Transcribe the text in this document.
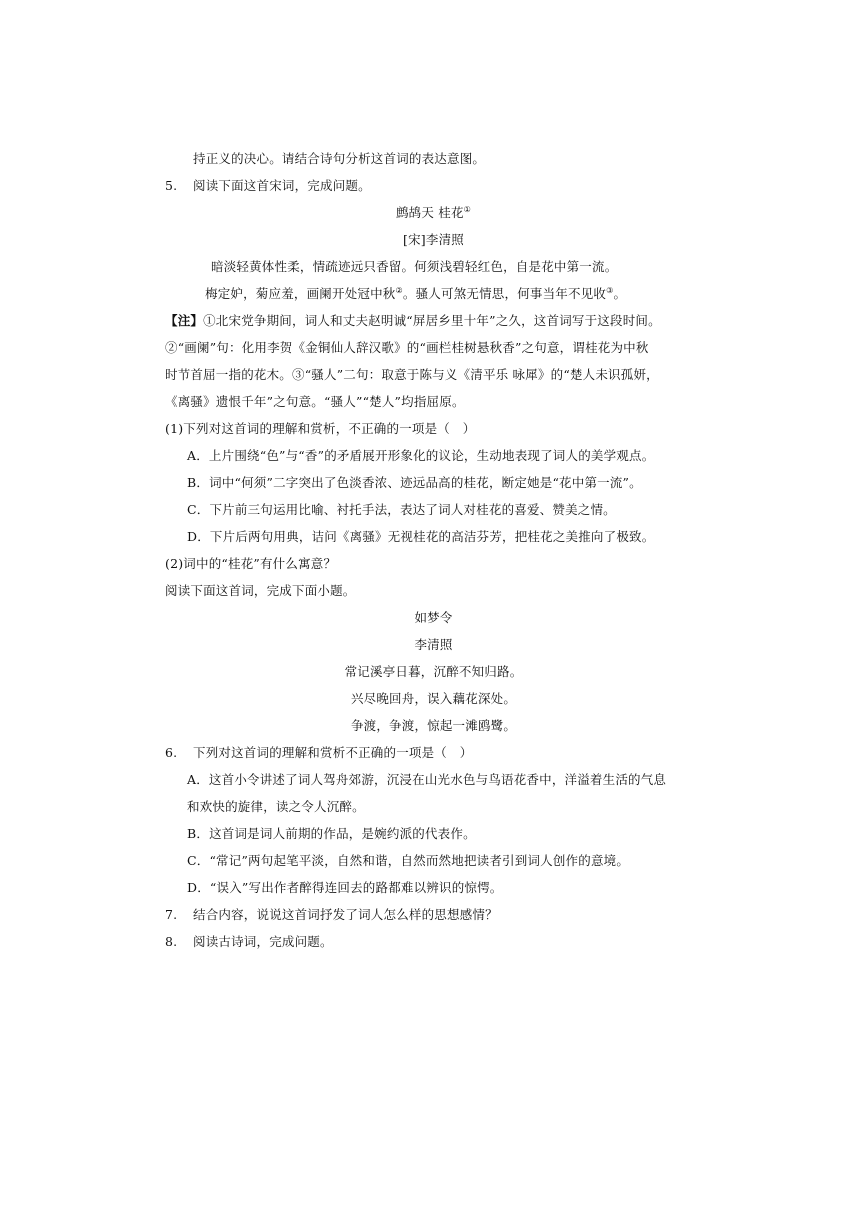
持正义的决心。请结合诗句分析这首词的表达意图。
5. 阅读下面这首宋词，完成问题。
鹧鸪天 桂花①
[宋]李清照
暗淡轻黄体性柔，情疏迹远只香留。何须浅碧轻红色，自是花中第一流。
梅定妒，菊应羞，画阑开处冠中秋②。骚人可煞无情思，何事当年不见收③。
【注】①北宋党争期间，词人和丈夫赵明诚“屏居乡里十年”之久，这首词写于这段时间。
②“画阑”句：化用李贺《金铜仙人辞汉歌》的“画栏桂树悬秋香”之句意，谓桂花为中秋
时节首屈一指的花木。③“骚人”二句：取意于陈与义《清平乐 咏犀》的“楚人未识孤妍，
《离骚》遗恨千年”之句意。“骚人”“楚人”均指屈原。
(1)下列对这首词的理解和赏析，不正确的一项是（　）
A．上片围绕“色”与“香”的矛盾展开形象化的议论，生动地表现了词人的美学观点。
B．词中“何须”二字突出了色淡香浓、迹远品高的桂花，断定她是“花中第一流”。
C．下片前三句运用比喻、衬托手法，表达了词人对桂花的喜爱、赞美之情。
D．下片后两句用典，诘问《离骚》无视桂花的高洁芬芳，把桂花之美推向了极致。
(2)词中的“桂花”有什么寓意？
阅读下面这首词，完成下面小题。
如梦令
李清照
常记溪亭日暮，沉醉不知归路。
兴尽晚回舟，误入藕花深处。
争渡，争渡，惊起一滩鸥鹭。
6. 下列对这首词的理解和赏析不正确的一项是（　）
A．这首小令讲述了词人驾舟郊游，沉浸在山光水色与鸟语花香中，洋溢着生活的气息
和欢快的旋律，读之令人沉醉。
B．这首词是词人前期的作品，是婉约派的代表作。
C．“常记”两句起笔平淡，自然和谐，自然而然地把读者引到词人创作的意境。
D．“误入”写出作者醉得连回去的路都难以辨识的惊愕。
7. 结合内容，说说这首词抒发了词人怎么样的思想感情？
8. 阅读古诗词，完成问题。
